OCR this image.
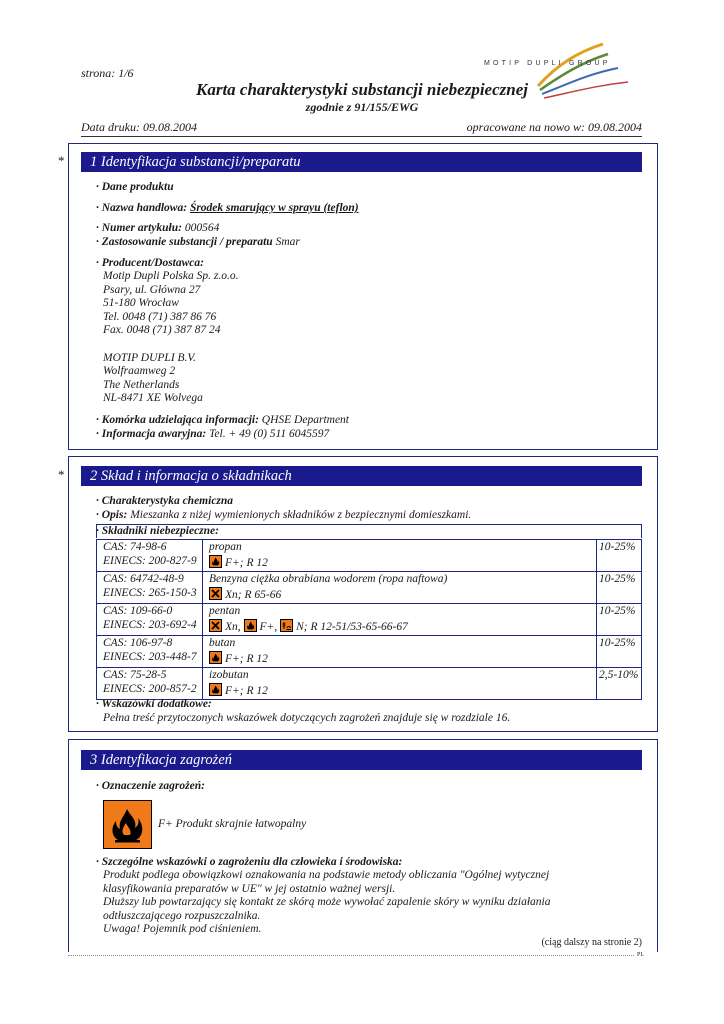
MOTIP DUPLI GROUP
strona: 1/6
Karta charakterystyki substancji niebezpiecznej
zgodnie z 91/155/EWG
Data druku: 09.08.2004	opracowane na nowo w: 09.08.2004
*	1 Identyfikacja substancji/preparatu
· Dane produktu
· Nazwa handlowa: Środek smarujący w sprayu (teflon)
· Numer artykułu: 000564
· Zastosowanie substancji / preparatu Smar
· Producent/Dostawca:
Motip Dupli Polska Sp. z.o.o.
Psary, ul. Główna 27
51-180 Wrocław
Tel. 0048 (71) 387 86 76
Fax. 0048 (71) 387 87 24
MOTIP DUPLI B.V.
Wolfraamweg 2
The Netherlands
NL-8471 XE Wolvega
· Komórka udzielająca informacji: QHSE Department
· Informacja awaryjna: Tel. + 49 (0) 511 6045597
*	2 Skład i informacja o składnikach
· Charakterystyka chemiczna
· Opis: Mieszanka z niżej wymienionych składników z bezpiecznymi domieszkami.
· Składniki niebezpieczne:
CAS: 74-98-6
EINECS: 200-827-9	propan

F+; R 12	10-25%
CAS: 64742-48-9
EINECS: 265-150-3	Benzyna ciężka obrabiana wodorem (ropa naftowa)

Xn; R 65-66	10-25%
CAS: 109-66-0
EINECS: 203-692-4	pentan

Xn, F+, N; R 12-51/53-65-66-67	10-25%
CAS: 106-97-8
EINECS: 203-448-7	butan

F+; R 12	10-25%
CAS: 75-28-5
EINECS: 200-857-2	izobutan

F+; R 12	2,5-10%
· Wskazówki dodatkowe:
Pełna treść przytoczonych wskazówek dotyczących zagrożeń znajduje się w rozdziale 16.
3 Identyfikacja zagrożeń
· Oznaczenie zagrożeń:
F+ Produkt skrajnie łatwopalny
· Szczególne wskazówki o zagrożeniu dla człowieka i środowiska:
Produkt podlega obowiązkowi oznakowania na podstawie metody obliczania "Ogólnej wytycznej
klasyfikowania preparatów w UE" w jej ostatnio ważnej wersji.
Dłuższy lub powtarzający się kontakt ze skórą może wywołać zapalenie skóry w wyniku działania
odtłuszczającego rozpuszczalnika.
Uwaga! Pojemnik pod ciśnieniem.
(ciąg dalszy na stronie 2)
PL
